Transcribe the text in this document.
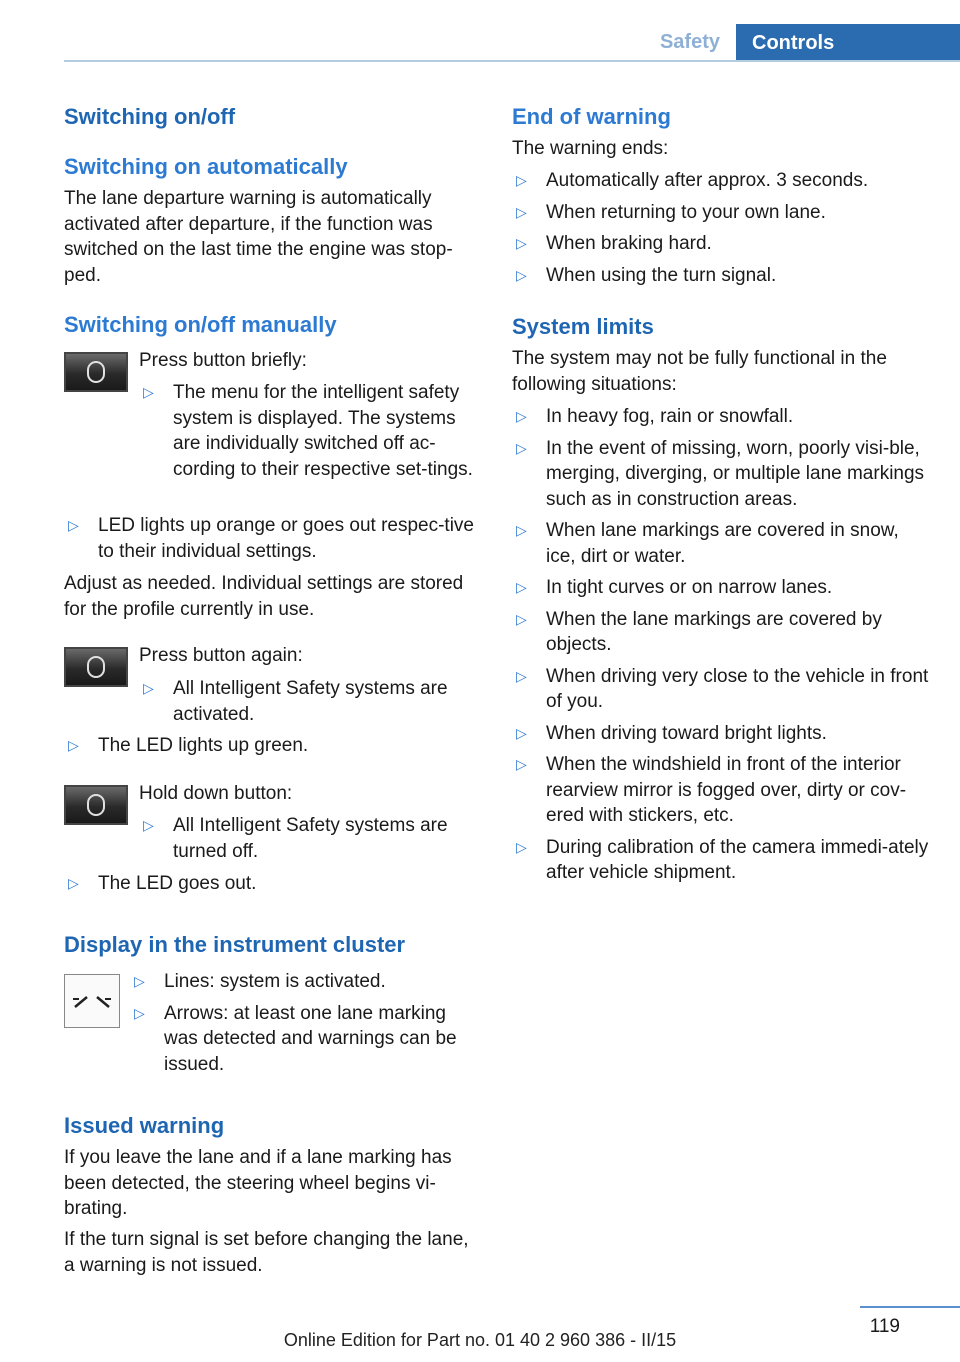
Safety	Controls
Switching on/off
Switching on automatically

The lane departure warning is automatically activated after departure, if the function was switched on the last time the engine was stop‐ped.

Switching on/off manually

Press button briefly:

▷ The menu for the intelligent safety system is displayed. The systems are individually switched off ac‐cording to their respective set‐tings.
▷ LED lights up orange or goes out respec‐tive to their individual settings.

Adjust as needed. Individual settings are stored for the profile currently in use.

Press button again:

▷ All Intelligent Safety systems are activated.
▷ The LED lights up green.

Hold down button:

▷ All Intelligent Safety systems are turned off.
▷ The LED goes out.
Display in the instrument cluster
▷ Lines: system is activated.
▷ Arrows: at least one lane marking was detected and warnings can be issued.
Issued warning

If you leave the lane and if a lane marking has been detected, the steering wheel begins vi‐brating.

If the turn signal is set before changing the lane, a warning is not issued.

End of warning

The warning ends:

▷ Automatically after approx. 3 seconds.
▷ When returning to your own lane.
▷ When braking hard.
▷ When using the turn signal.
System limits

The system may not be fully functional in the following situations:

▷ In heavy fog, rain or snowfall.
▷ In the event of missing, worn, poorly visi‐ble, merging, diverging, or multiple lane markings such as in construction areas.
▷ When lane markings are covered in snow, ice, dirt or water.
▷ In tight curves or on narrow lanes.
▷ When the lane markings are covered by objects.
▷ When driving very close to the vehicle in front of you.
▷ When driving toward bright lights.
▷ When the windshield in front of the interior rearview mirror is fogged over, dirty or cov‐ered with stickers, etc.
▷ During calibration of the camera immedi‐ately after vehicle shipment.
119
Online Edition for Part no. 01 40 2 960 386 - II/15
